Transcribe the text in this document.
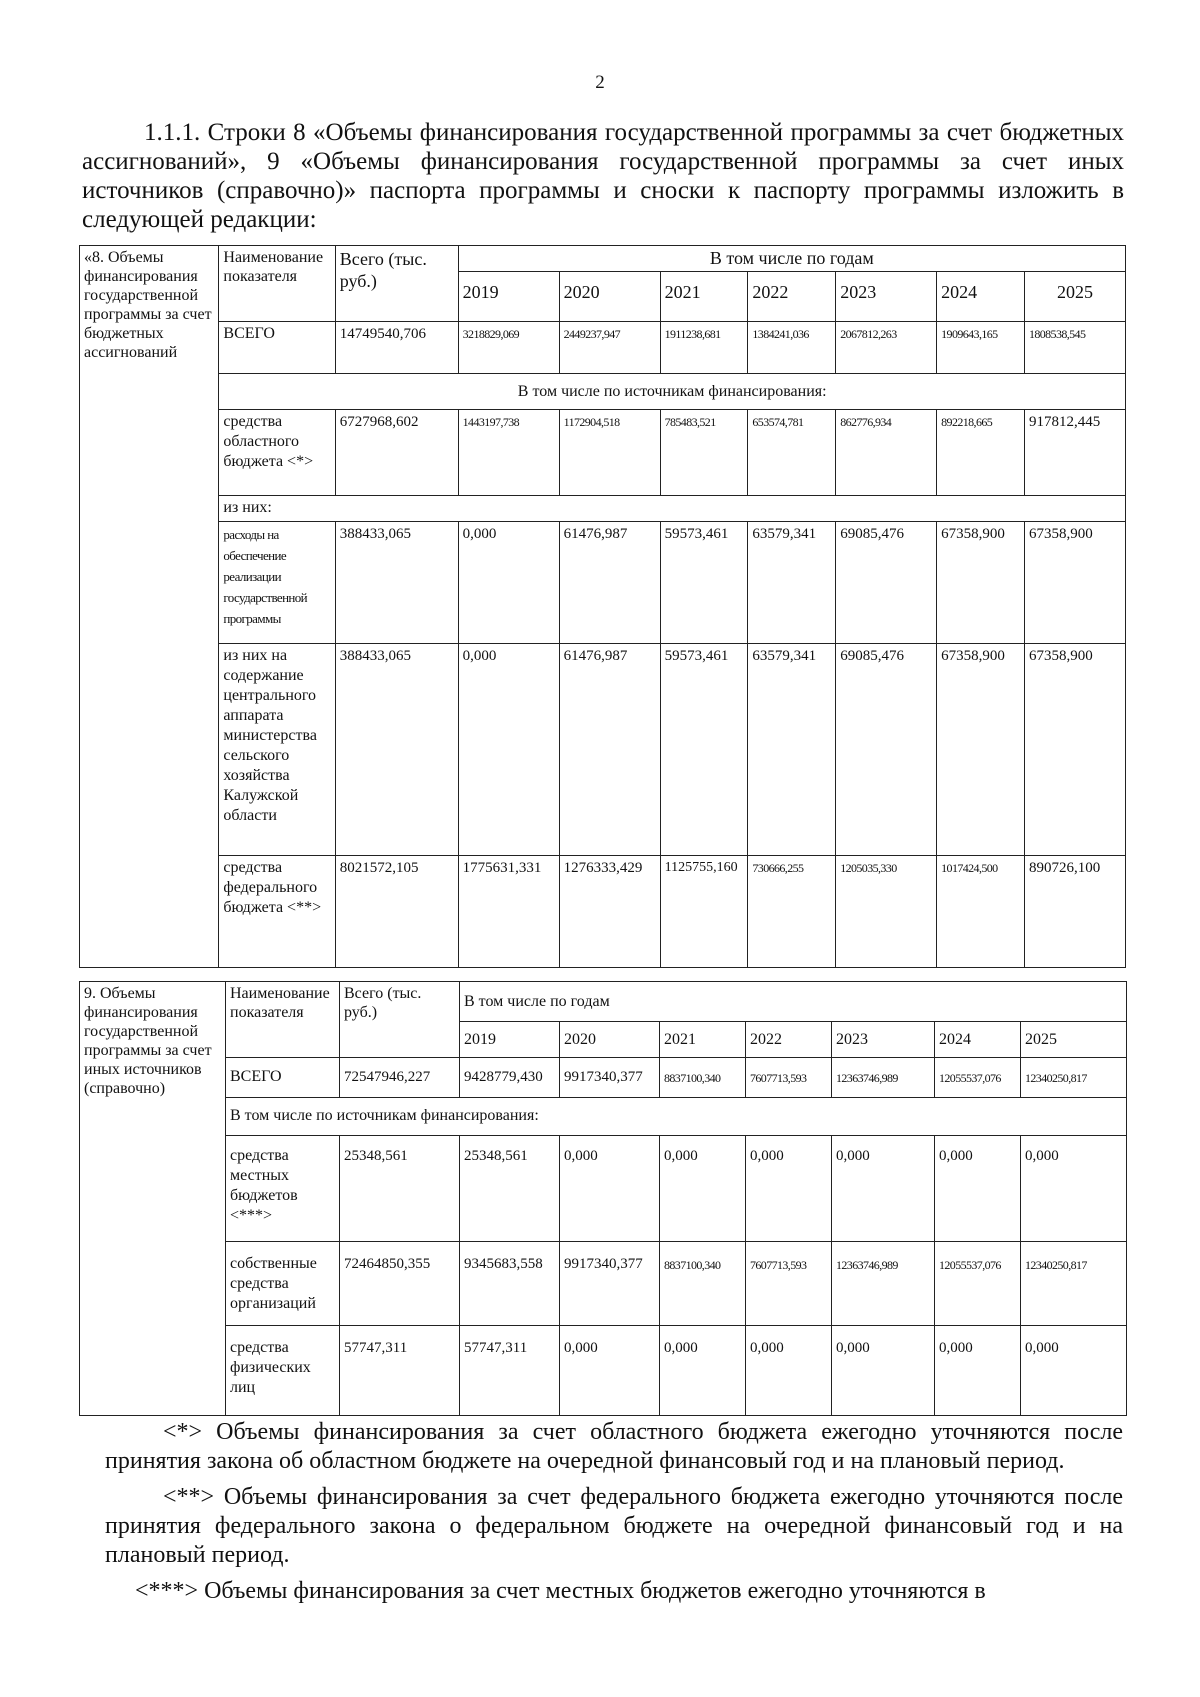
2

1.1.1. Строки 8 «Объемы финансирования государственной программы за счет бюджетных ассигнований», 9 «Объемы финансирования государственной программы за счет иных источников (справочно)» паспорта программы и сноски к паспорту программы изложить в следующей редакции:

«8. Объемы финансирования государственной программы за счет бюджетных ассигнований	Наименование показателя	Всего (тыс. руб.)	В том числе по годам						
			2019	2020	2021	2022	2023	2024	2025
	ВСЕГО	14749540,706	3218829,069	2449237,947	1911238,681	1384241,036	2067812,263	1909643,165	1808538,545
	В том числе по источникам финансирования:								
	средства областного бюджета <*>	6727968,602	1443197,738	1172904,518	785483,521	653574,781	862776,934	892218,665	917812,445
	из них:								
	расходы на обеспечение реализации государственной программы	388433,065	0,000	61476,987	59573,461	63579,341	69085,476	67358,900	67358,900
	из них на содержание центрального аппарата министерства сельского хозяйства Калужской области	388433,065	0,000	61476,987	59573,461	63579,341	69085,476	67358,900	67358,900
	средства федерального бюджета <**>	8021572,105	1775631,331	1276333,429	1125755,160	730666,255	1205035,330	1017424,500	890726,100
9. Объемы финансирования государственной программы за счет иных источников (справочно)	Наименование показателя	Всего (тыс. руб.)	В том числе по годам						
			2019	2020	2021	2022	2023	2024	2025
	ВСЕГО	72547946,227	9428779,430	9917340,377	8837100,340	7607713,593	12363746,989	12055537,076	12340250,817
	В том числе по источникам финансирования:								
	средства местных бюджетов <***>	25348,561	25348,561	0,000	0,000	0,000	0,000	0,000	0,000
	собственные средства организаций	72464850,355	9345683,558	9917340,377	8837100,340	7607713,593	12363746,989	12055537,076	12340250,817
	средства физических лиц	57747,311	57747,311	0,000	0,000	0,000	0,000	0,000	0,000

<*> Объемы финансирования за счет областного бюджета ежегодно уточняются после принятия закона об областном бюджете на очередной финансовый год и на плановый период.

<**> Объемы финансирования за счет федерального бюджета ежегодно уточняются после принятия федерального закона о федеральном бюджете на очередной финансовый год и на плановый период.

<***> Объемы финансирования за счет местных бюджетов ежегодно уточняются в
